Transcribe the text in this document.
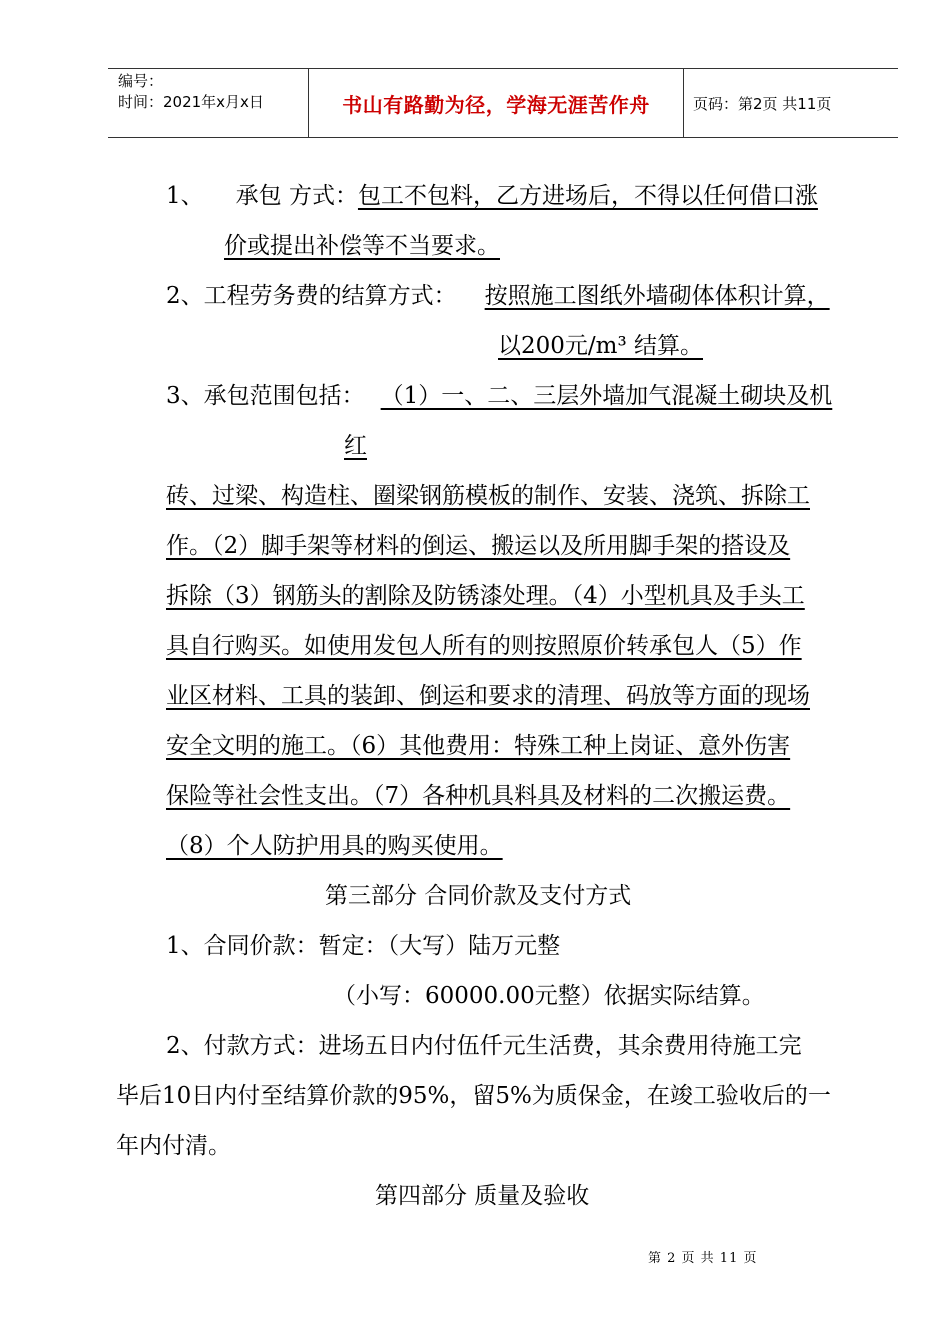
编号：
时间：2021年x月x日	书山有路勤为径，学海无涯苦作舟	页码：第2页 共11页
1、 承包 方式：包工不包料，乙方进场后，不得以任何借口涨
价或提出补偿等不当要求。
2、工程劳务费的结算方式： 按照施工图纸外墙砌体体积计算，
以200元/m³ 结算。
3、承包范围包括： （1）一、二、三层外墙加气混凝土砌块及机
红
砖、过梁、构造柱、圈梁钢筋模板的制作、安装、浇筑、拆除工
作。（2）脚手架等材料的倒运、搬运以及所用脚手架的搭设及
拆除（3）钢筋头的割除及防锈漆处理。（4）小型机具及手头工
具自行购买。如使用发包人所有的则按照原价转承包人（5）作
业区材料、工具的装卸、倒运和要求的清理、码放等方面的现场
安全文明的施工。（6）其他费用：特殊工种上岗证、意外伤害
保险等社会性支出。（7）各种机具料具及材料的二次搬运费。
（8）个人防护用具的购买使用。
第三部分 合同价款及支付方式
1、合同价款：暂定：（大写）陆万元整
（小写：60000.00元整）依据实际结算。
2、付款方式：进场五日内付伍仟元生活费，其余费用待施工完
毕后10日内付至结算价款的95%，留5%为质保金，在竣工验收后的一
年内付清。
第四部分 质量及验收
第 2 页 共 11 页
